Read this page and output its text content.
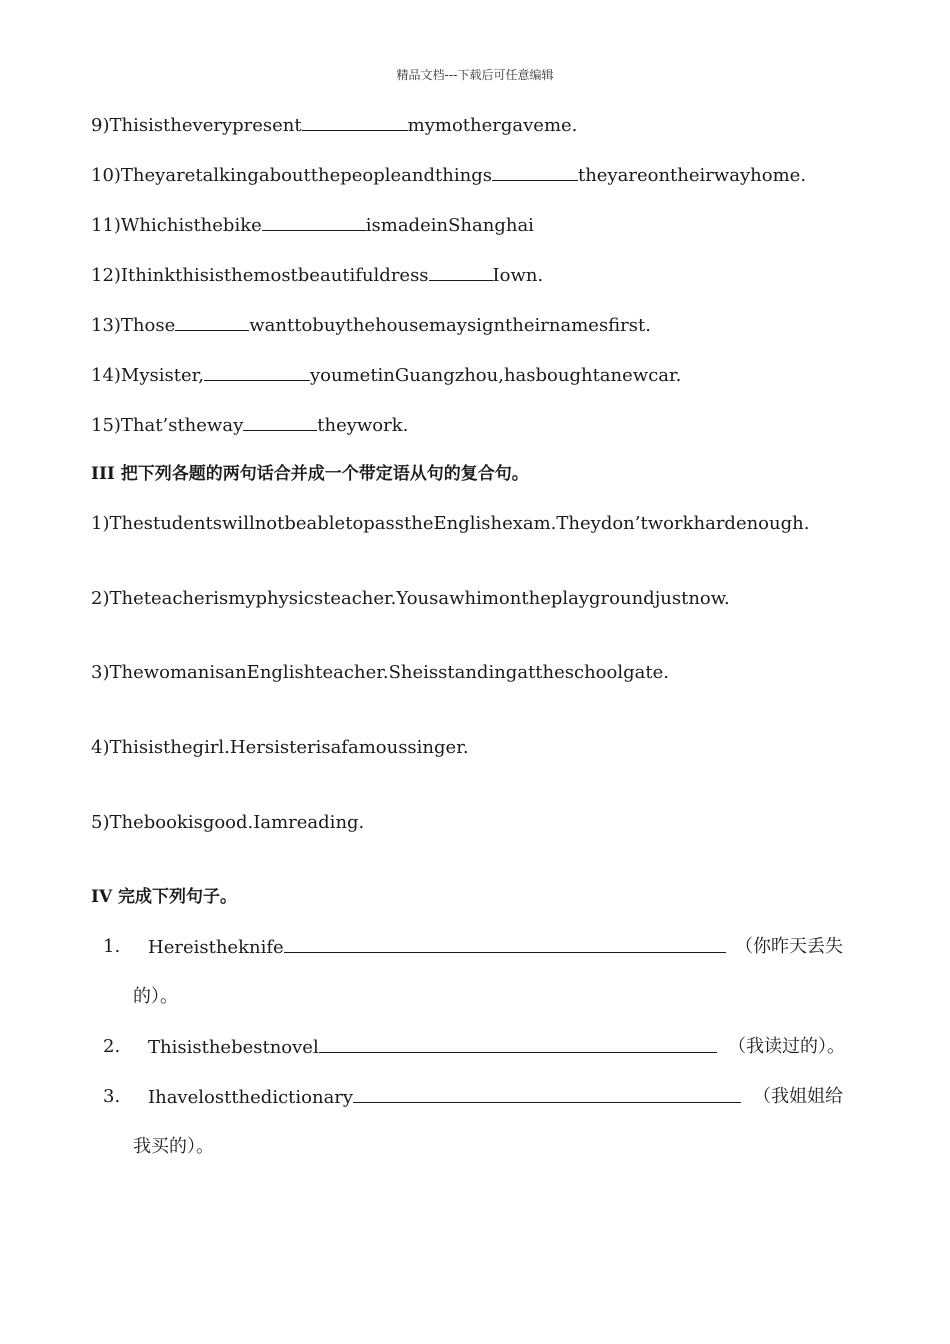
精品文档---下载后可任意编辑
9)Thisistheverypresent	mymothergaveme.
10)Theyaretalkingaboutthepeopleandthings	theyareontheirwayhome.
11)Whichisthebike	ismadeinShanghai
12)Ithinkthisisthemostbeautifuldress	Iown.
13)Those	wanttobuythehousemaysigntheirnamesfirst.
14)Mysister,	youmetinGuangzhou,hasboughtanewcar.
15)That’stheway	theywork.
III 把下列各题的两句话合并成一个带定语从句的复合句。
1)ThestudentswillnotbeabletopasstheEnglishexam.Theydon’tworkhardenough.
2)Theteacherismyphysicsteacher.Yousawhimontheplaygroundjustnow.
3)ThewomanisanEnglishteacher.Sheisstandingattheschoolgate.
4)Thisisthegirl.Hersisterisafamoussinger.
5)Thebookisgood.Iamreading.
IV 完成下列句子。
1. Hereistheknife	（你昨天丢失
的）。
2. Thisisthebestnovel	（我读过的）。
3. Ihavelostthedictionary	（我姐姐给
我买的）。
